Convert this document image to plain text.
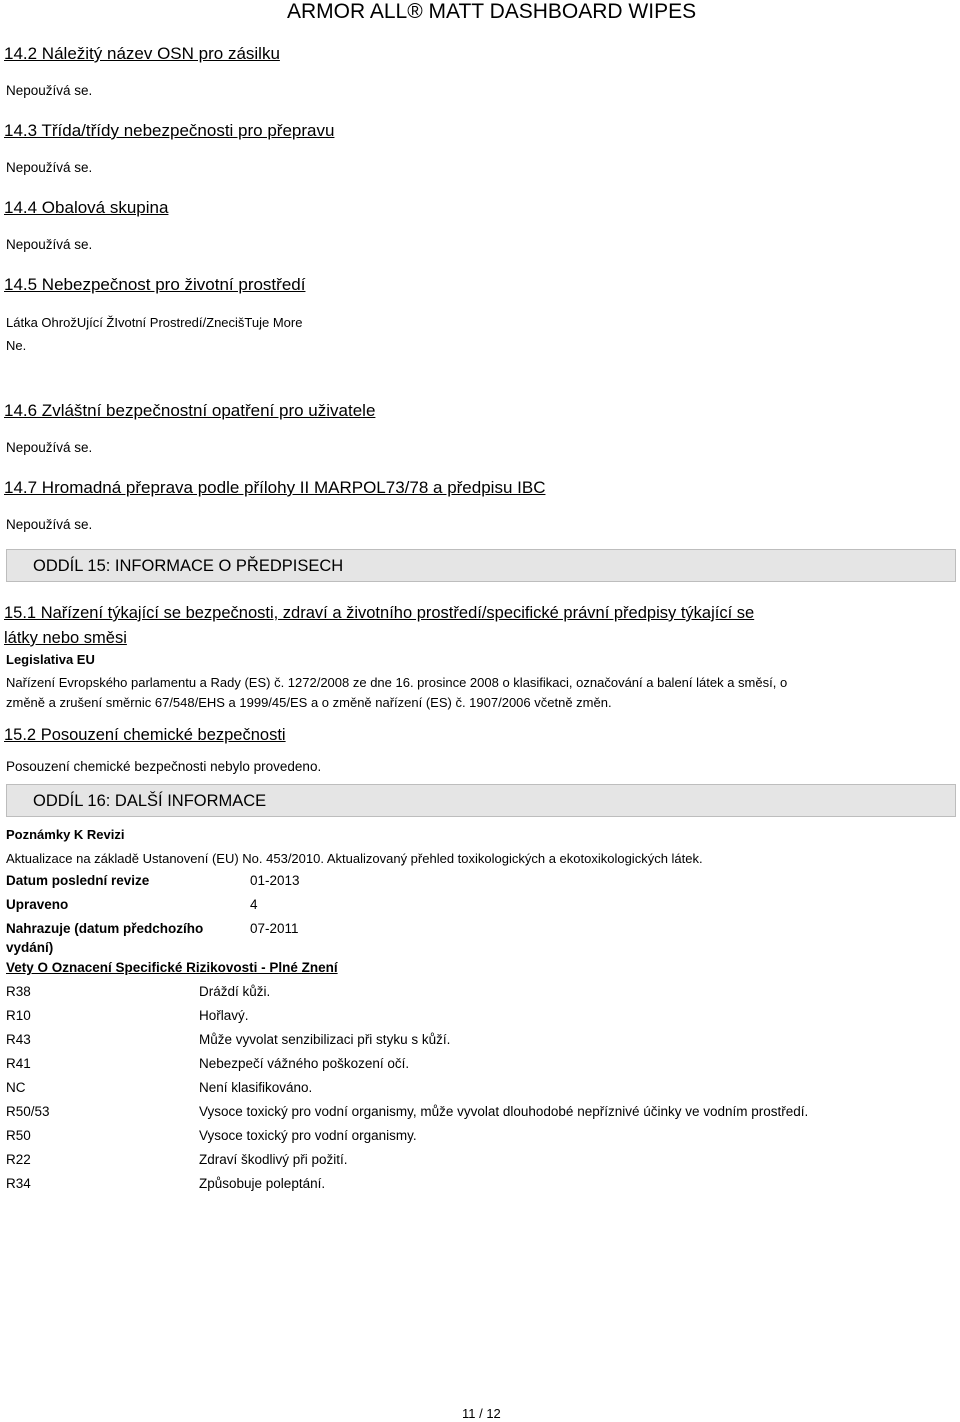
ARMOR ALL® MATT DASHBOARD WIPES
14.2 Náležitý název OSN pro zásilku
Nepoužívá se.
14.3 Třída/třídy nebezpečnosti pro přepravu
Nepoužívá se.
14.4 Obalová skupina
Nepoužívá se.
14.5 Nebezpečnost pro životní prostředí
Látka OhrožUjící ŽIvotní Prostredí/ZnecišTuje More
Ne.
14.6 Zvláštní bezpečnostní opatření pro uživatele
Nepoužívá se.
14.7 Hromadná přeprava podle přílohy II MARPOL73/78 a předpisu IBC
Nepoužívá se.
ODDÍL 15: INFORMACE O PŘEDPISECH
15.1 Nařízení týkající se bezpečnosti, zdraví a životního prostředí/specifické právní předpisy týkající se
látky nebo směsi
Legislativa EU
Nařízení Evropského parlamentu a Rady (ES) č. 1272/2008 ze dne 16. prosince 2008 o klasifikaci, označování a balení látek a směsí, o
změně a zrušení směrnic 67/548/EHS a 1999/45/ES a o změně nařízení (ES) č. 1907/2006 včetně změn.
15.2 Posouzení chemické bezpečnosti
Posouzení chemické bezpečnosti nebylo provedeno.
ODDÍL 16: DALŠÍ INFORMACE
Poznámky K Revizi
Aktualizace na základě Ustanovení (EU) No. 453/2010. Aktualizovaný přehled toxikologických a ekotoxikologických látek.
Datum poslední revize	01-2013
Upraveno	4
Nahrazuje (datum předchozího	07-2011
vydání)
Vety O Oznacení Specifické Rizikovosti - Plné Znení
R38	Dráždí kůži.
R10	Hořlavý.
R43	Může vyvolat senzibilizaci při styku s kůží.
R41	Nebezpečí vážného poškození očí.
NC	Není klasifikováno.
R50/53	Vysoce toxický pro vodní organismy, může vyvolat dlouhodobé nepříznivé účinky ve vodním prostředí.
R50	Vysoce toxický pro vodní organismy.
R22	Zdraví škodlivý při požití.
R34	Způsobuje poleptání.
11 / 12
